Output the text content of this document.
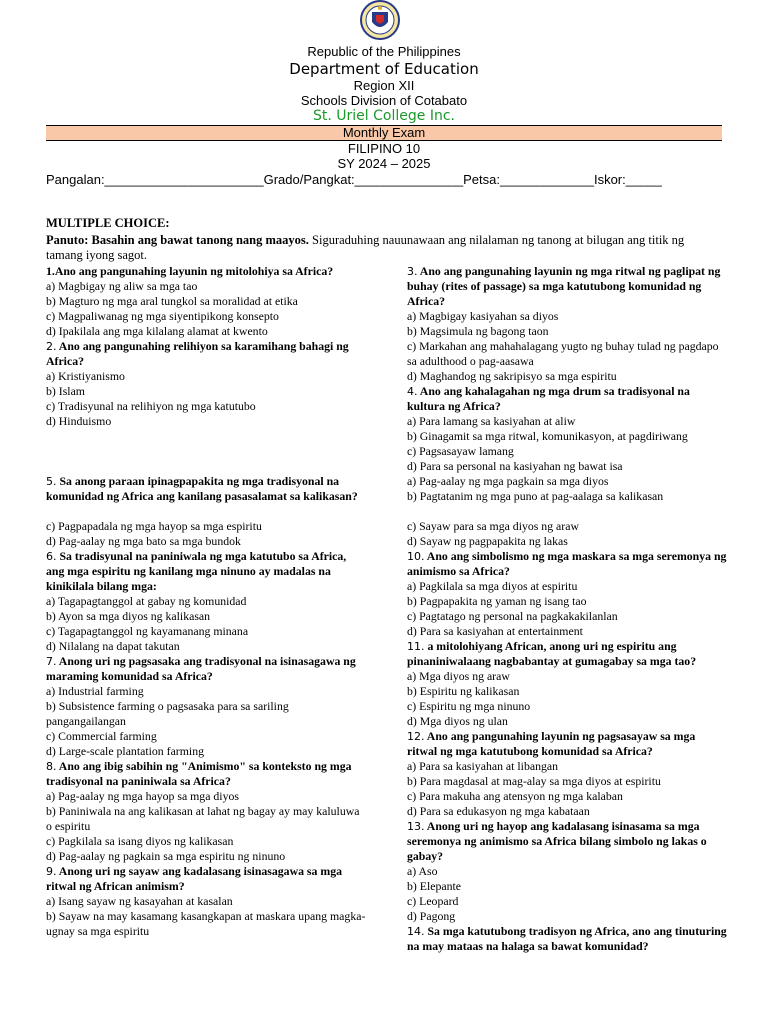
Republic of the Philippines
Department of Education
Region XII
Schools Division of Cotabato
St. Uriel College Inc.
Monthly Exam
FILIPINO 10
SY 2024 – 2025
Pangalan:______________________Grado/Pangkat:_______________Petsa:_____________Iskor:_____
MULTIPLE CHOICE:
Panuto: Basahin ang bawat tanong nang maayos. Siguraduhing nauunawaan ang nilalaman ng tanong at bilugan ang titik ng tamang iyong sagot.
1.Ano ang pangunahing layunin ng mitolohiya sa Africa?
a) Magbigay ng aliw sa mga tao
b) Magturo ng mga aral tungkol sa moralidad at etika
c) Magpaliwanag ng mga siyentipikong konsepto
d) Ipakilala ang mga kilalang alamat at kwento
2. Ano ang pangunahing relihiyon sa karamihang bahagi ng Africa?
a) Kristiyanismo
b) Islam
c) Tradisyunal na relihiyon ng mga katutubo
d) Hinduismo
5. Sa anong paraan ipinagpapakita ng mga tradisyonal na komunidad ng Africa ang kanilang pasasalamat sa kalikasan?
c) Pagpapadala ng mga hayop sa mga espiritu
d) Pag-aalay ng mga bato sa mga bundok
6. Sa tradisyunal na paniniwala ng mga katutubo sa Africa, ang mga espiritu ng kanilang mga ninuno ay madalas na kinikilala bilang mga:
a) Tagapagtanggol at gabay ng komunidad
b) Ayon sa mga diyos ng kalikasan
c) Tagapagtanggol ng kayamanang minana
d) Nilalang na dapat takutan
7. Anong uri ng pagsasaka ang tradisyonal na isinasagawa ng maraming komunidad sa Africa?
a) Industrial farming
b) Subsistence farming o pagsasaka para sa sariling pangangailangan
c) Commercial farming
d) Large-scale plantation farming
8. Ano ang ibig sabihin ng "Animismo" sa konteksto ng mga tradisyonal na paniniwala sa Africa?
a) Pag-aalay ng mga hayop sa mga diyos
b) Paniniwala na ang kalikasan at lahat ng bagay ay may kaluluwa o espiritu
c) Pagkilala sa isang diyos ng kalikasan
d) Pag-aalay ng pagkain sa mga espiritu ng ninuno
9. Anong uri ng sayaw ang kadalasang isinasagawa sa mga ritwal ng African animism?
a) Isang sayaw ng kasayahan at kasalan
b) Sayaw na may kasamang kasangkapan at maskara upang magka-ugnay sa mga espiritu
3. Ano ang pangunahing layunin ng mga ritwal ng paglipat ng buhay (rites of passage) sa mga katutubong komunidad ng Africa?
a) Magbigay kasiyahan sa diyos
b) Magsimula ng bagong taon
c) Markahan ang mahahalagang yugto ng buhay tulad ng pagdapo sa adulthood o pag-aasawa
d) Maghandog ng sakripisyo sa mga espiritu
4. Ano ang kahalagahan ng mga drum sa tradisyonal na kultura ng Africa?
a) Para lamang sa kasiyahan at aliw
b) Ginagamit sa mga ritwal, komunikasyon, at pagdiriwang
c) Pagsasayaw lamang
d) Para sa personal na kasiyahan ng bawat isa
a) Pag-aalay ng mga pagkain sa mga diyos
b) Pagtatanim ng mga puno at pag-aalaga sa kalikasan
c) Sayaw para sa mga diyos ng araw
d) Sayaw ng pagpapakita ng lakas
10. Ano ang simbolismo ng mga maskara sa mga seremonya ng animismo sa Africa?
a) Pagkilala sa mga diyos at espiritu
b) Pagpapakita ng yaman ng isang tao
c) Pagtatago ng personal na pagkakakilanlan
d) Para sa kasiyahan at entertainment
11. a mitolohiyang African, anong uri ng espiritu ang pinaniniwalaang nagbabantay at gumagabay sa mga tao?
a) Mga diyos ng araw
b) Espiritu ng kalikasan
c) Espiritu ng mga ninuno
d) Mga diyos ng ulan
12. Ano ang pangunahing layunin ng pagsasayaw sa mga ritwal ng mga katutubong komunidad sa Africa?
a) Para sa kasiyahan at libangan
b) Para magdasal at mag-alay sa mga diyos at espiritu
c) Para makuha ang atensyon ng mga kalaban
d) Para sa edukasyon ng mga kabataan
13. Anong uri ng hayop ang kadalasang isinasama sa mga seremonya ng animismo sa Africa bilang simbolo ng lakas o gabay?
a) Aso
b) Elepante
c) Leopard
d) Pagong
14. Sa mga katutubong tradisyon ng Africa, ano ang tinuturing na may mataas na halaga sa bawat komunidad?
